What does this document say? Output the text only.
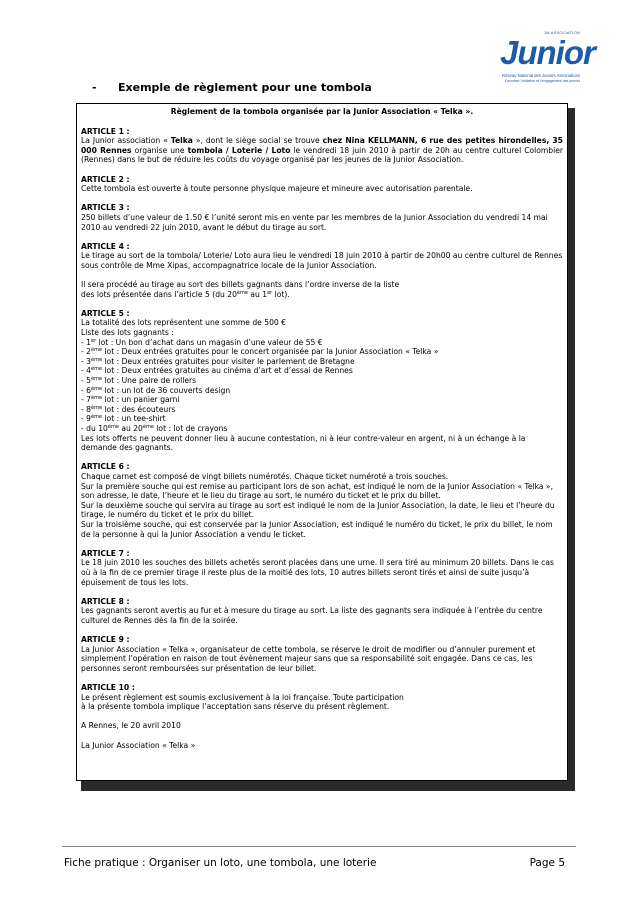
JM ASSOCIATION
Junior
Réseau National des Juniors Associations
Favoriser l'initiative et l'engagement des jeunes
- Exemple de règlement pour une tombola

Règlement de la tombola organisée par la Junior Association « Telka ».

ARTICLE 1 :

La Junior association « Telka », dont le siège social se trouve chez Nina KELLMANN, 6 rue des petites hirondelles, 35 000 Rennes organise une tombola / Loterie / Loto le vendredi 18 juin 2010 à partir de 20h au centre culturel Colombier (Rennes) dans le but de réduire les coûts du voyage organisé par les jeunes de la Junior Association.

ARTICLE 2 :

Cette tombola est ouverte à toute personne physique majeure et mineure avec autorisation parentale.

ARTICLE 3 :

250 billets d’une valeur de 1.50 € l’unité seront mis en vente par les membres de la Junior Association du vendredi 14 mai 2010 au vendredi 22 juin 2010, avant le début du tirage au sort.

ARTICLE 4 :

Le tirage au sort de la tombola/ Loterie/ Loto aura lieu le vendredi 18 juin 2010 à partir de 20h00 au centre culturel de Rennes sous contrôle de Mme Xipas, accompagnatrice locale de la Junior Association.

Il sera procédé au tirage au sort des billets gagnants dans l’ordre inverse de la liste

des lots présentée dans l’article 5 (du 20ème au 1er lot).

ARTICLE 5 :

La totalité des lots représentent une somme de 500 €

Liste des lots gagnants :

- 1er lot : Un bon d’achat dans un magasin d’une valeur de 55 €

- 2ème lot : Deux entrées gratuites pour le concert organisée par la Junior Association « Telka »

- 3ème lot : Deux entrées gratuites pour visiter le parlement de Bretagne

- 4ème lot : Deux entrées gratuites au cinéma d’art et d’essai de Rennes

- 5ème lot : Une paire de rollers

- 6ème lot : un lot de 36 couverts design

- 7ème lot : un panier garni

- 8ème lot : des écouteurs

- 9ème lot : un tee-shirt

- du 10ème au 20ème lot : lot de crayons

Les lots offerts ne peuvent donner lieu à aucune contestation, ni à leur contre-valeur en argent, ni à un échange à la demande des gagnants.

ARTICLE 6 :

Chaque carnet est composé de vingt billets numérotés. Chaque ticket numéroté a trois souches.

Sur la première souche qui est remise au participant lors de son achat, est indiqué le nom de la Junior Association « Telka », son adresse, le date, l’heure et le lieu du tirage au sort, le numéro du ticket et le prix du billet.

Sur la deuxième souche qui servira au tirage au sort est indiqué le nom de la Junior Association, la date, le lieu et l’heure du tirage, le numéro du ticket et le prix du billet.

Sur la troisième souche, qui est conservée par la Junior Association, est indiqué le numéro du ticket, le prix du billet, le nom de la personne à qui la Junior Association a vendu le ticket.

ARTICLE 7 :

Le 18 juin 2010 les souches des billets achetés seront placées dans une urne. Il sera tiré au minimum 20 billets. Dans le cas où à la fin de ce premier tirage il reste plus de la moitié des lots, 10 autres billets seront tirés et ainsi de suite jusqu’à épuisement de tous les lots.

ARTICLE 8 :

Les gagnants seront avertis au fur et à mesure du tirage au sort. La liste des gagnants sera indiquée à l’entrée du centre culturel de Rennes dès la fin de la soirée.

ARTICLE 9 :

La Junior Association « Telka », organisateur de cette tombola, se réserve le droit de modifier ou d’annuler purement et simplement l’opération en raison de tout évènement majeur sans que sa responsabilité soit engagée. Dans ce cas, les personnes seront remboursées sur présentation de leur billet.

ARTICLE 10 :

Le présent règlement est soumis exclusivement à la loi française. Toute participation

à la présente tombola implique l’acceptation sans réserve du présent règlement.

A Rennes, le 20 avril 2010

La Junior Association « Telka »

Fiche pratique : Organiser un loto, une tombola, une loterie	Page 5
